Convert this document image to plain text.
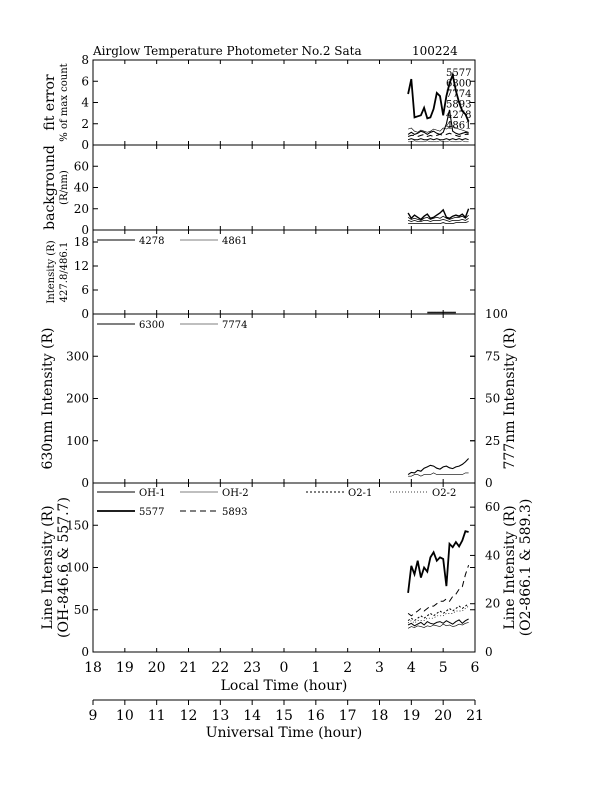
Airglow Temperature Photometer No.2 Sata	100224
0
2
4
6
8
fit error % of max count	5577
6300
7774
5893
4278
4861
0
20
40
60
background (R/nm)
0
6
12
18
Intensity (R) 427.8/486.1
4278	4861
0
100
200
300
0
25
50
75
100
630nm Intensity (R)	777nm Intensity (R)
6300	7774
0
50
100
150
0
20
40
60
Line Intensity (R) (OH-846.6 & 557.7)	Line Intensity (R) (O2-866.1 & 589.3)
OH-1	OH-2	O2-1	O2-2
5577	5893
18 19 20 21 22 23 0 1 2 3 4 5 6
Local Time (hour)
9 10 11 12 13 14 15 16 17 18 19 20 21
Universal Time (hour)
